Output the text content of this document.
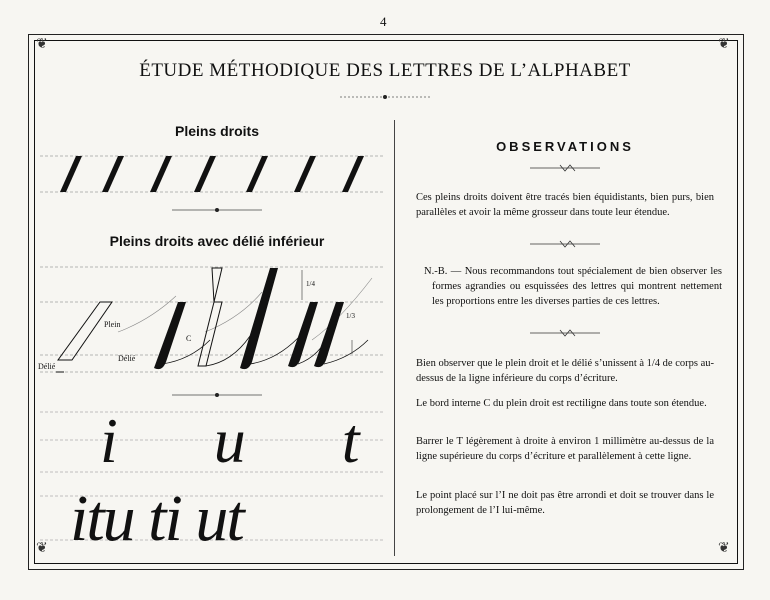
❦	❦
❦	❦
4
ÉTUDE MÉTHODIQUE DES LETTRES DE L’ALPHABET
Pleins droits
Pleins droits avec délié inférieur
Plein
Délié
Délié
C
1/4
1/3
i u t
itu ti ut
OBSERVATIONS
Ces pleins droits doivent être tracés bien équidistants, bien purs, bien parallèles et avoir la même grosseur dans toute leur étendue.
N.-B. — Nous recommandons tout spécialement de bien observer les formes agrandies ou esquissées des lettres qui montrent nettement les proportions entre les diverses parties de ces lettres.
Bien observer que le plein droit et le délié s’unissent à 1/4 de corps au-dessus de la ligne inférieure du corps d’écriture.
Le bord interne C du plein droit est rectiligne dans toute son étendue.
Barrer le T légèrement à droite à environ 1 millimètre au-dessus de la ligne supérieure du corps d’écriture et parallèlement à cette ligne.
Le point placé sur l’I ne doit pas être arrondi et doit se trouver dans le prolongement de l’I lui-même.
